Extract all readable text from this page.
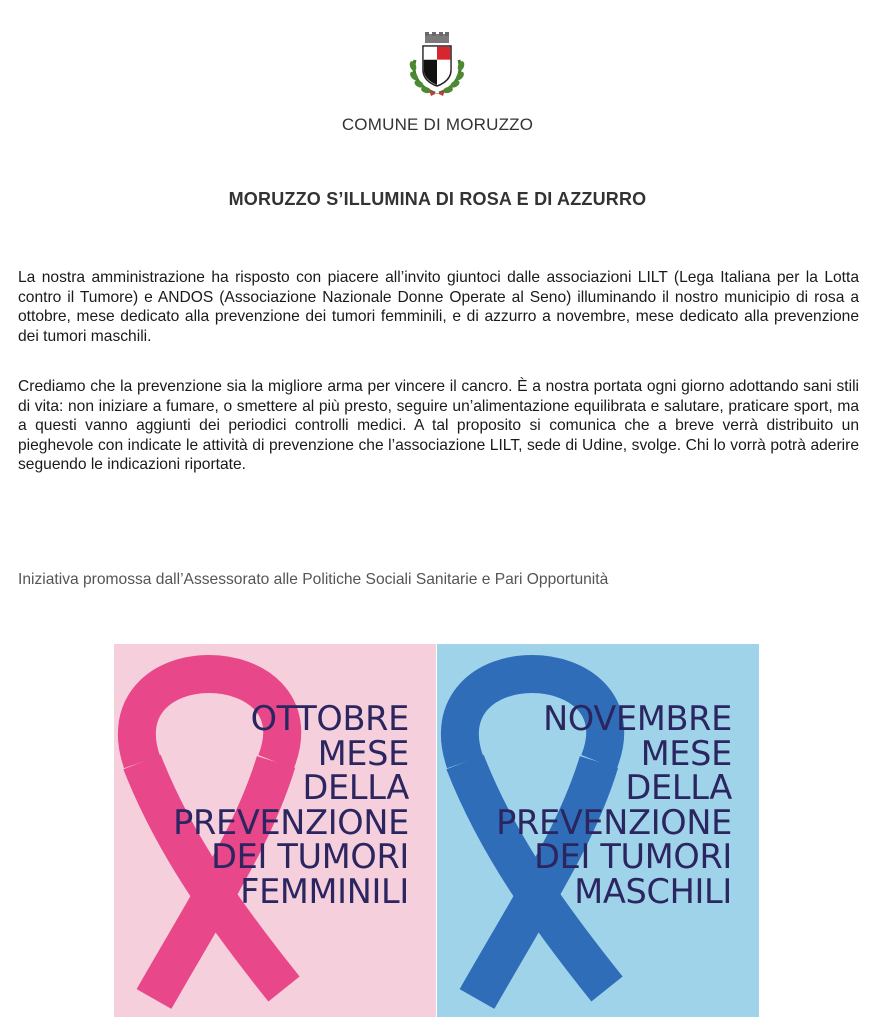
COMUNE DI MORUZZO
MORUZZO S’ILLUMINA DI ROSA E DI AZZURRO

La nostra amministrazione ha risposto con piacere all’invito giuntoci dalle associazioni LILT (Lega Italiana per la Lotta contro il Tumore) e ANDOS (Associazione Nazionale Donne Operate al Seno) illuminando il nostro municipio di rosa a ottobre, mese dedicato alla prevenzione dei tumori femminili, e di azzurro a novembre, mese dedicato alla prevenzione dei tumori maschili.

Crediamo che la prevenzione sia la migliore arma per vincere il cancro. È a nostra portata ogni giorno adottando sani stili di vita: non iniziare a fumare, o smettere al più presto, seguire un’alimentazione equilibrata e salutare, praticare sport, ma a questi vanno aggiunti dei periodici controlli medici. A tal proposito si comunica che a breve verrà distribuito un pieghevole con indicate le attività di prevenzione che l’associazione LILT, sede di Udine, svolge. Chi lo vorrà potrà aderire seguendo le indicazioni riportate.

Iniziativa promossa dall’Assessorato alle Politiche Sociali Sanitarie e Pari Opportunità
OTTOBRE
MESE
DELLA
PREVENZIONE
DEI TUMORI
FEMMINILI
NOVEMBRE
MESE
DELLA
PREVENZIONE
DEI TUMORI
MASCHILI
